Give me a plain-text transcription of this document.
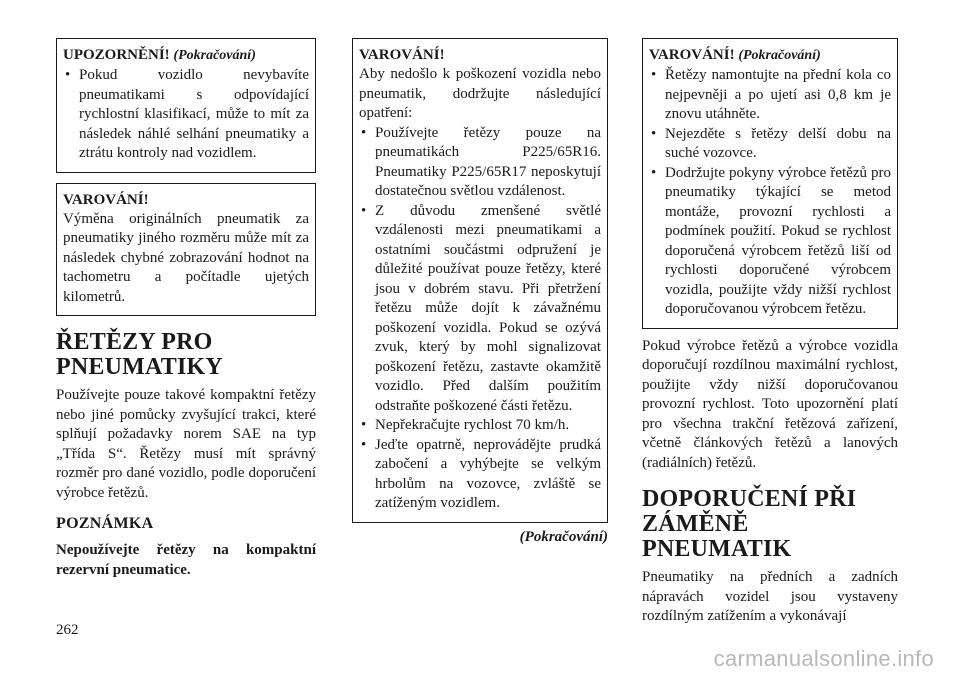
UPOZORNĚNÍ! (Pokračování)
• Pokud vozidlo nevybavíte pneumatikami s odpovídající rychlostní klasifikací, může to mít za následek náhlé selhání pneumatiky a ztrátu kontroly nad vozidlem.
VAROVÁNÍ!

Výměna originálních pneumatik za pneumatiky jiného rozměru může mít za následek chybné zobrazování hodnot na tachometru a počítadle ujetých kilometrů.

ŘETĚZY PRO PNEUMATIKY

Používejte pouze takové kompaktní řetězy nebo jiné pomůcky zvyšující trakci, které splňují požadavky norem SAE na typ „Třída S“. Řetězy musí mít správný rozměr pro dané vozidlo, podle doporučení výrobce řetězů.

POZNÁMKA

Nepoužívejte řetězy na kompaktní rezervní pneumatice.

VAROVÁNÍ!

Aby nedošlo k poškození vozidla nebo pneumatik, dodržujte následující opatření:

• Používejte řetězy pouze na pneumatikách P225/65R16. Pneumatiky P225/65R17 neposkytují dostatečnou světlou vzdálenost.
• Z důvodu zmenšené světlé vzdálenosti mezi pneumatikami a ostatními součástmi odpružení je důležité používat pouze řetězy, které jsou v dobrém stavu. Při přetržení řetězu může dojít k závažnému poškození vozidla. Pokud se ozývá zvuk, který by mohl signalizovat poškození řetězu, zastavte okamžitě vozidlo. Před dalším použitím odstraňte poškozené části řetězu.
• Nepřekračujte rychlost 70 km/h.
• Jeďte opatrně, neprovádějte prudká zabočení a vyhýbejte se velkým hrbolům na vozovce, zvláště se zatíženým vozidlem.
(Pokračování)
VAROVÁNÍ! (Pokračování)
• Řetězy namontujte na přední kola co nejpevněji a po ujetí asi 0,8 km je znovu utáhněte.
• Nejezděte s řetězy delší dobu na suché vozovce.
• Dodržujte pokyny výrobce řetězů pro pneumatiky týkající se metod montáže, provozní rychlosti a podmínek použití. Pokud se rychlost doporučená výrobcem řetězů liší od rychlosti doporučené výrobcem vozidla, použijte vždy nižší rychlost doporučovanou výrobcem řetězu.

Pokud výrobce řetězů a výrobce vozidla doporučují rozdílnou maximální rychlost, použijte vždy nižší doporučovanou provozní rychlost. Toto upozornění platí pro všechna trakční řetězová zařízení, včetně článkových řetězů a lanových (radiálních) řetězů.

DOPORUČENÍ PŘI ZÁMĚNĚ PNEUMATIK

Pneumatiky na předních a zadních nápravách vozidel jsou vystaveny rozdílným zatížením a vykonávají

262
carmanualsonline.info
